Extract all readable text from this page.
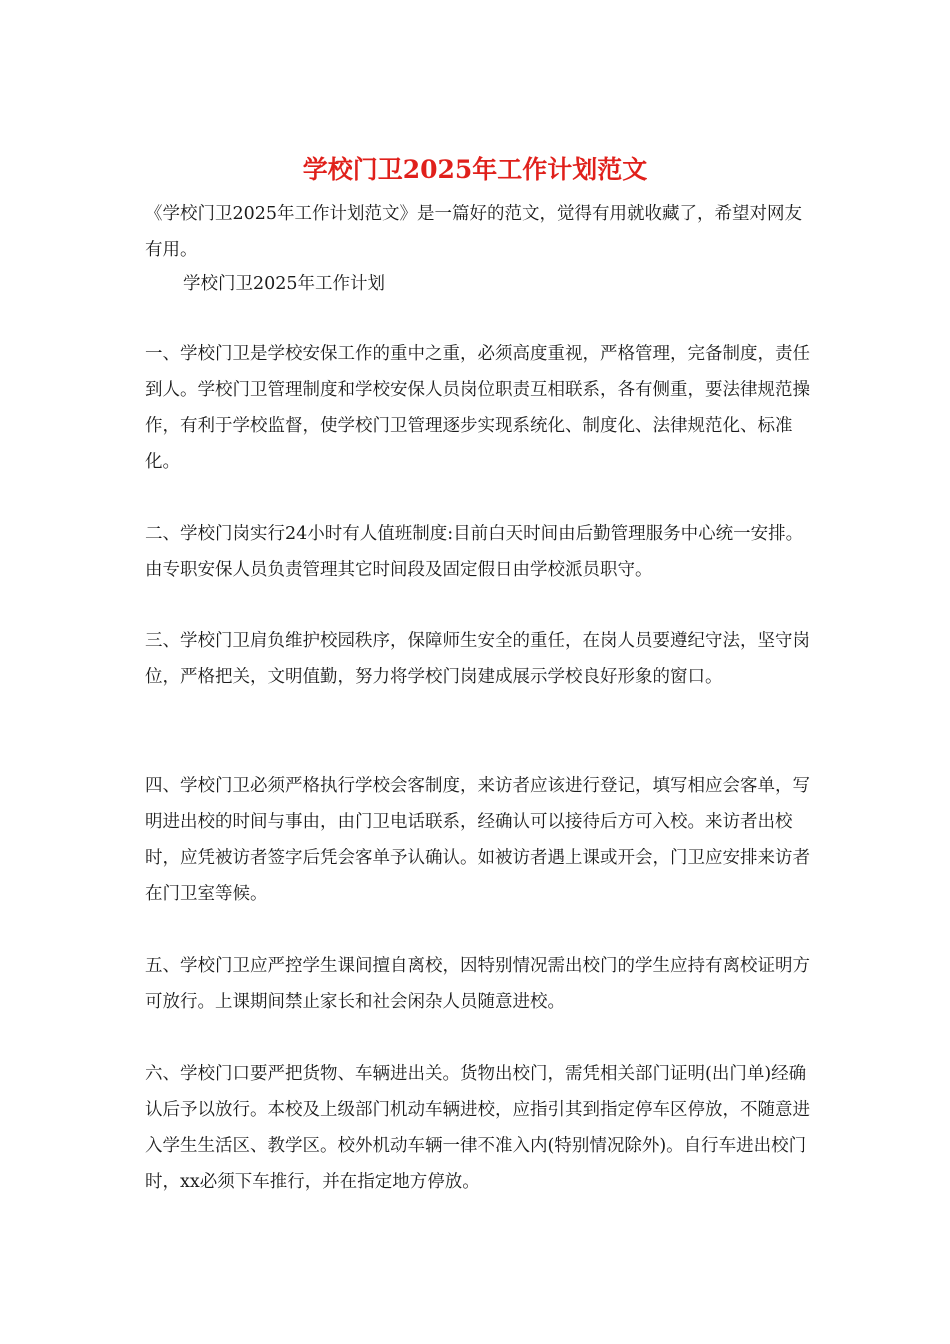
学校门卫2025年工作计划范文
《学校门卫2025年工作计划范文》是一篇好的范文，觉得有用就收藏了，希望对网友有用。
学校门卫2025年工作计划
一、学校门卫是学校安保工作的重中之重，必须高度重视，严格管理，完备制度，责任到人。学校门卫管理制度和学校安保人员岗位职责互相联系，各有侧重，要法律规范操作，有利于学校监督，使学校门卫管理逐步实现系统化、制度化、法律规范化、标准化。
二、学校门岗实行24小时有人值班制度:目前白天时间由后勤管理服务中心统一安排。由专职安保人员负责管理其它时间段及固定假日由学校派员职守。
三、学校门卫肩负维护校园秩序，保障师生安全的重任，在岗人员要遵纪守法，坚守岗位，严格把关，文明值勤，努力将学校门岗建成展示学校良好形象的窗口。
四、学校门卫必须严格执行学校会客制度，来访者应该进行登记，填写相应会客单，写明进出校的时间与事由，由门卫电话联系，经确认可以接待后方可入校。来访者出校时，应凭被访者签字后凭会客单予认确认。如被访者遇上课或开会，门卫应安排来访者在门卫室等候。
五、学校门卫应严控学生课间擅自离校，因特别情况需出校门的学生应持有离校证明方可放行。上课期间禁止家长和社会闲杂人员随意进校。
六、学校门口要严把货物、车辆进出关。货物出校门，需凭相关部门证明(出门单)经确认后予以放行。本校及上级部门机动车辆进校，应指引其到指定停车区停放，不随意进入学生生活区、教学区。校外机动车辆一律不准入内(特别情况除外)。自行车进出校门时，xx必须下车推行，并在指定地方停放。
